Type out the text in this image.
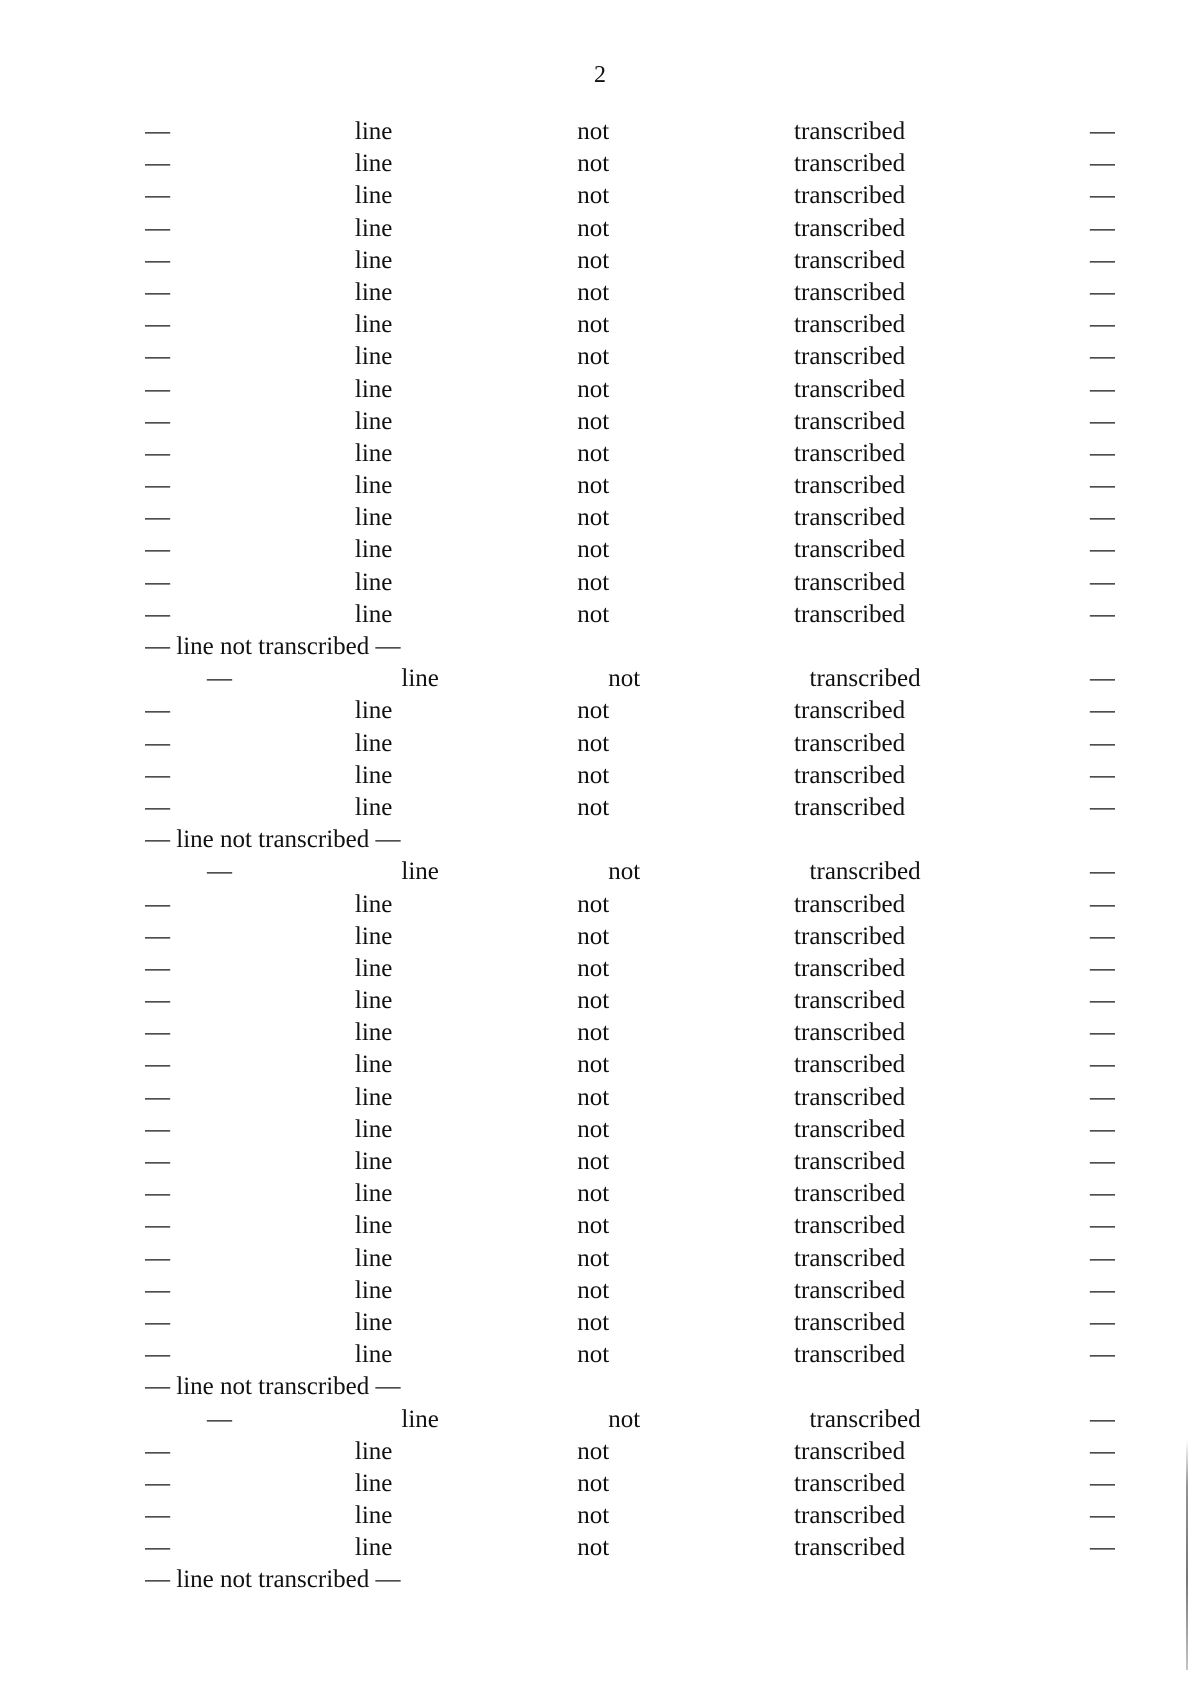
2
— line not transcribed —
— line not transcribed —
— line not transcribed —
— line not transcribed —
— line not transcribed —
— line not transcribed —
— line not transcribed —
— line not transcribed —
— line not transcribed —
— line not transcribed —
— line not transcribed —
— line not transcribed —
— line not transcribed —
— line not transcribed —
— line not transcribed —
— line not transcribed —
— line not transcribed —
— line not transcribed —
— line not transcribed —
— line not transcribed —
— line not transcribed —
— line not transcribed —
— line not transcribed —
— line not transcribed —
— line not transcribed —
— line not transcribed —
— line not transcribed —
— line not transcribed —
— line not transcribed —
— line not transcribed —
— line not transcribed —
— line not transcribed —
— line not transcribed —
— line not transcribed —
— line not transcribed —
— line not transcribed —
— line not transcribed —
— line not transcribed —
— line not transcribed —
— line not transcribed —
— line not transcribed —
— line not transcribed —
— line not transcribed —
— line not transcribed —
— line not transcribed —
— line not transcribed —
